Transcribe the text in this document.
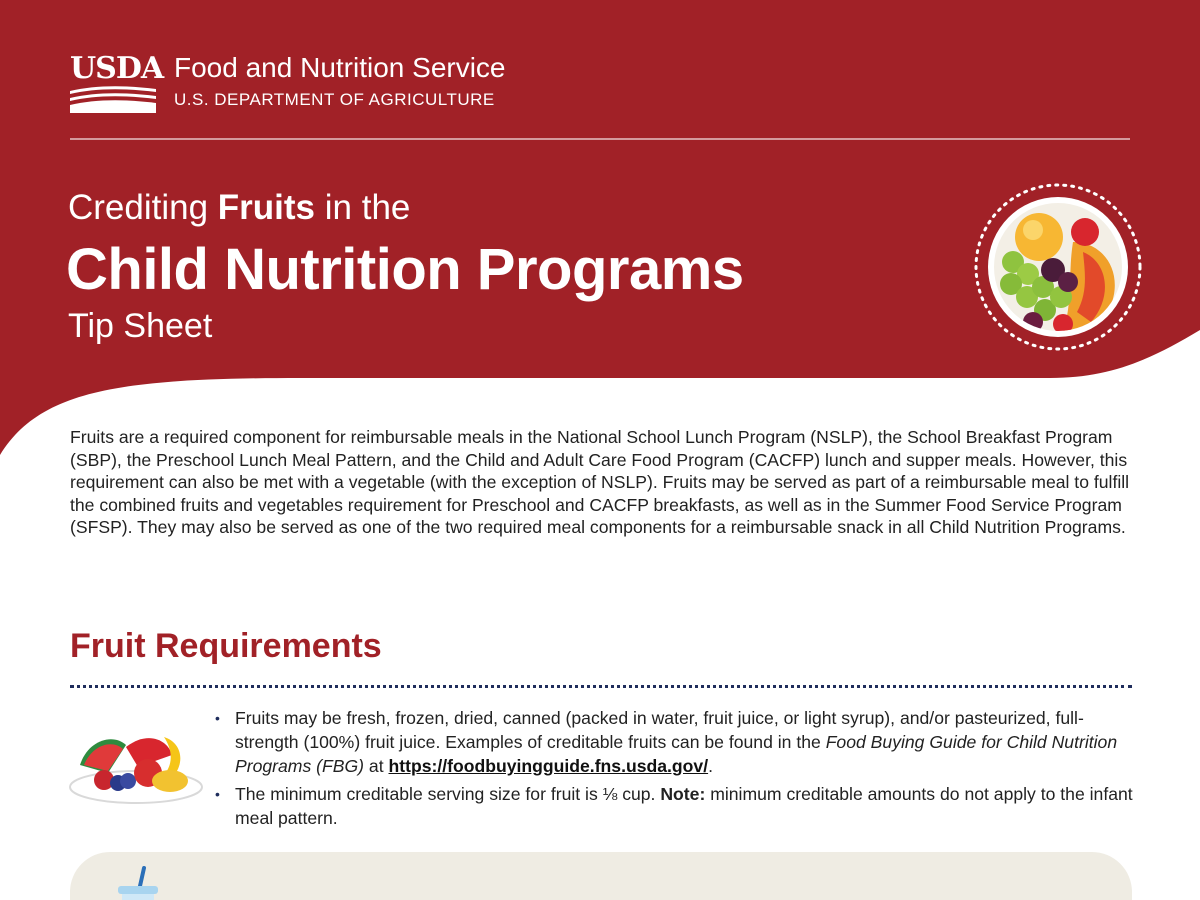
USDA Food and Nutrition Service
U.S. DEPARTMENT OF AGRICULTURE
Crediting Fruits in the
Child Nutrition Programs
Tip Sheet

Fruits are a required component for reimbursable meals in the National School Lunch Program (NSLP), the School Breakfast Program (SBP), the Preschool Lunch Meal Pattern, and the Child and Adult Care Food Program (CACFP) lunch and supper meals. However, this requirement can also be met with a vegetable (with the exception of NSLP). Fruits may be served as part of a reimbursable meal to fulfill the combined fruits and vegetables requirement for Preschool and CACFP breakfasts, as well as in the Summer Food Service Program (SFSP). They may also be served as one of the two required meal components for a reimbursable snack in all Child Nutrition Programs.

Fruit Requirements
• Fruits may be fresh, frozen, dried, canned (packed in water, fruit juice, or light syrup), and/or pasteurized, full-strength (100%) fruit juice. Examples of creditable fruits can be found in the Food Buying Guide for Child Nutrition Programs (FBG) at https://foodbuyingguide.fns.usda.gov/.
• The minimum creditable serving size for fruit is ⅛ cup. Note: minimum creditable amounts do not apply to the infant meal pattern.
